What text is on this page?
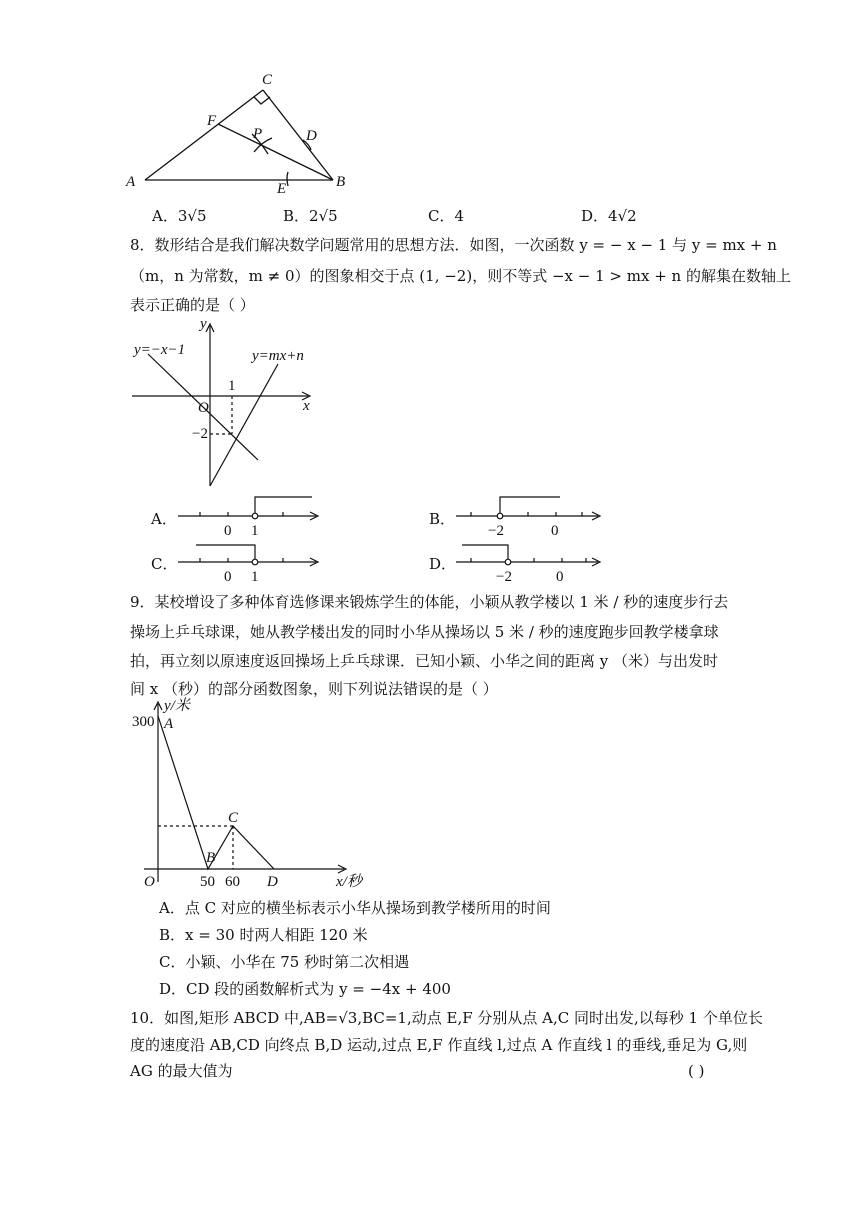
A	B
C
D
E
F
P
A．3√5	B．2√5	C．4	D．4√2
8．数形结合是我们解决数学问题常用的思想方法．如图，一次函数 y = − x − 1 与 y = mx + n
（m，n 为常数，m ≠ 0）的图象相交于点 (1, −2)，则不等式 −x − 1 > mx + n 的解集在数轴上
表示正确的是（ ）
y
x
O
y=−x−1	y=mx+n
1
−2
A．
0 1
B．
−2	0
C．
0 1
D．
−2	0
9．某校增设了多种体育选修课来锻炼学生的体能，小颖从教学楼以 1 米 / 秒的速度步行去
操场上乒乓球课，她从教学楼出发的同时小华从操场以 5 米 / 秒的速度跑步回教学楼拿球
拍，再立刻以原速度返回操场上乒乓球课．已知小颖、小华之间的距离 y （米）与出发时
间 x （秒）的部分函数图象，则下列说法错误的是（ ）
y/米
x/秒
O
300
50 60
A
B
C
D
A．点 C 对应的横坐标表示小华从操场到教学楼所用的时间
B．x = 30 时两人相距 120 米
C．小颖、小华在 75 秒时第二次相遇
D．CD 段的函数解析式为 y = −4x + 400
10．如图,矩形 ABCD 中,AB=√3,BC=1,动点 E,F 分别从点 A,C 同时出发,以每秒 1 个单位长
度的速度沿 AB,CD 向终点 B,D 运动,过点 E,F 作直线 l,过点 A 作直线 l 的垂线,垂足为 G,则
AG 的最大值为	( )
